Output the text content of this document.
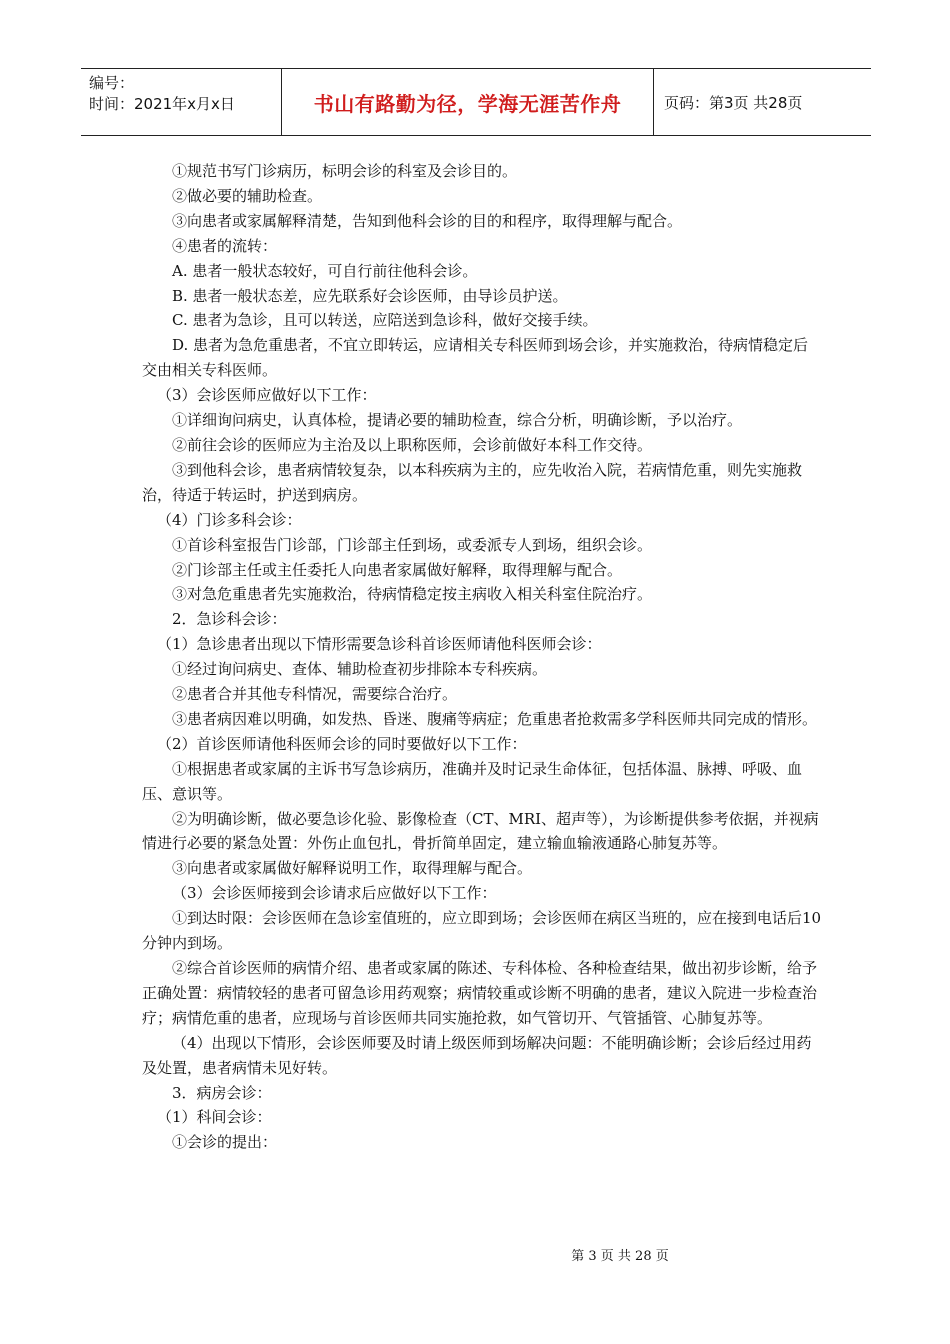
编号：
时间：2021年x月x日	书山有路勤为径，学海无涯苦作舟	页码：第3页 共28页

①规范书写门诊病历，标明会诊的科室及会诊目的。

②做必要的辅助检查。

③向患者或家属解释清楚，告知到他科会诊的目的和程序，取得理解与配合。

④患者的流转：

A. 患者一般状态较好，可自行前往他科会诊。

B. 患者一般状态差，应先联系好会诊医师，由导诊员护送。

C. 患者为急诊，且可以转送，应陪送到急诊科，做好交接手续。

D. 患者为急危重患者，不宜立即转运，应请相关专科医师到场会诊，并实施救治，待病情稳定后交由相关专科医师。

（3）会诊医师应做好以下工作：

①详细询问病史，认真体检，提请必要的辅助检查，综合分析，明确诊断，予以治疗。

②前往会诊的医师应为主治及以上职称医师，会诊前做好本科工作交待。

③到他科会诊，患者病情较复杂，以本科疾病为主的，应先收治入院，若病情危重，则先实施救治，待适于转运时，护送到病房。

（4）门诊多科会诊：

①首诊科室报告门诊部，门诊部主任到场，或委派专人到场，组织会诊。

②门诊部主任或主任委托人向患者家属做好解释，取得理解与配合。

③对急危重患者先实施救治，待病情稳定按主病收入相关科室住院治疗。

2．急诊科会诊：

（1）急诊患者出现以下情形需要急诊科首诊医师请他科医师会诊：

①经过询问病史、查体、辅助检查初步排除本专科疾病。

②患者合并其他专科情况，需要综合治疗。

③患者病因难以明确，如发热、昏迷、腹痛等病症；危重患者抢救需多学科医师共同完成的情形。

（2）首诊医师请他科医师会诊的同时要做好以下工作：

①根据患者或家属的主诉书写急诊病历，准确并及时记录生命体征，包括体温、脉搏、呼吸、血压、意识等。

②为明确诊断，做必要急诊化验、影像检查（CT、MRI、超声等），为诊断提供参考依据，并视病情进行必要的紧急处置：外伤止血包扎，骨折简单固定，建立输血输液通路心肺复苏等。

③向患者或家属做好解释说明工作，取得理解与配合。

（3）会诊医师接到会诊请求后应做好以下工作：

①到达时限：会诊医师在急诊室值班的，应立即到场；会诊医师在病区当班的，应在接到电话后10分钟内到场。

②综合首诊医师的病情介绍、患者或家属的陈述、专科体检、各种检查结果，做出初步诊断，给予正确处置：病情较轻的患者可留急诊用药观察；病情较重或诊断不明确的患者，建议入院进一步检查治疗；病情危重的患者，应现场与首诊医师共同实施抢救，如气管切开、气管插管、心肺复苏等。

（4）出现以下情形，会诊医师要及时请上级医师到场解决问题：不能明确诊断；会诊后经过用药及处置，患者病情未见好转。

3．病房会诊：

（1）科间会诊：

①会诊的提出：

第 3 页 共 28 页
